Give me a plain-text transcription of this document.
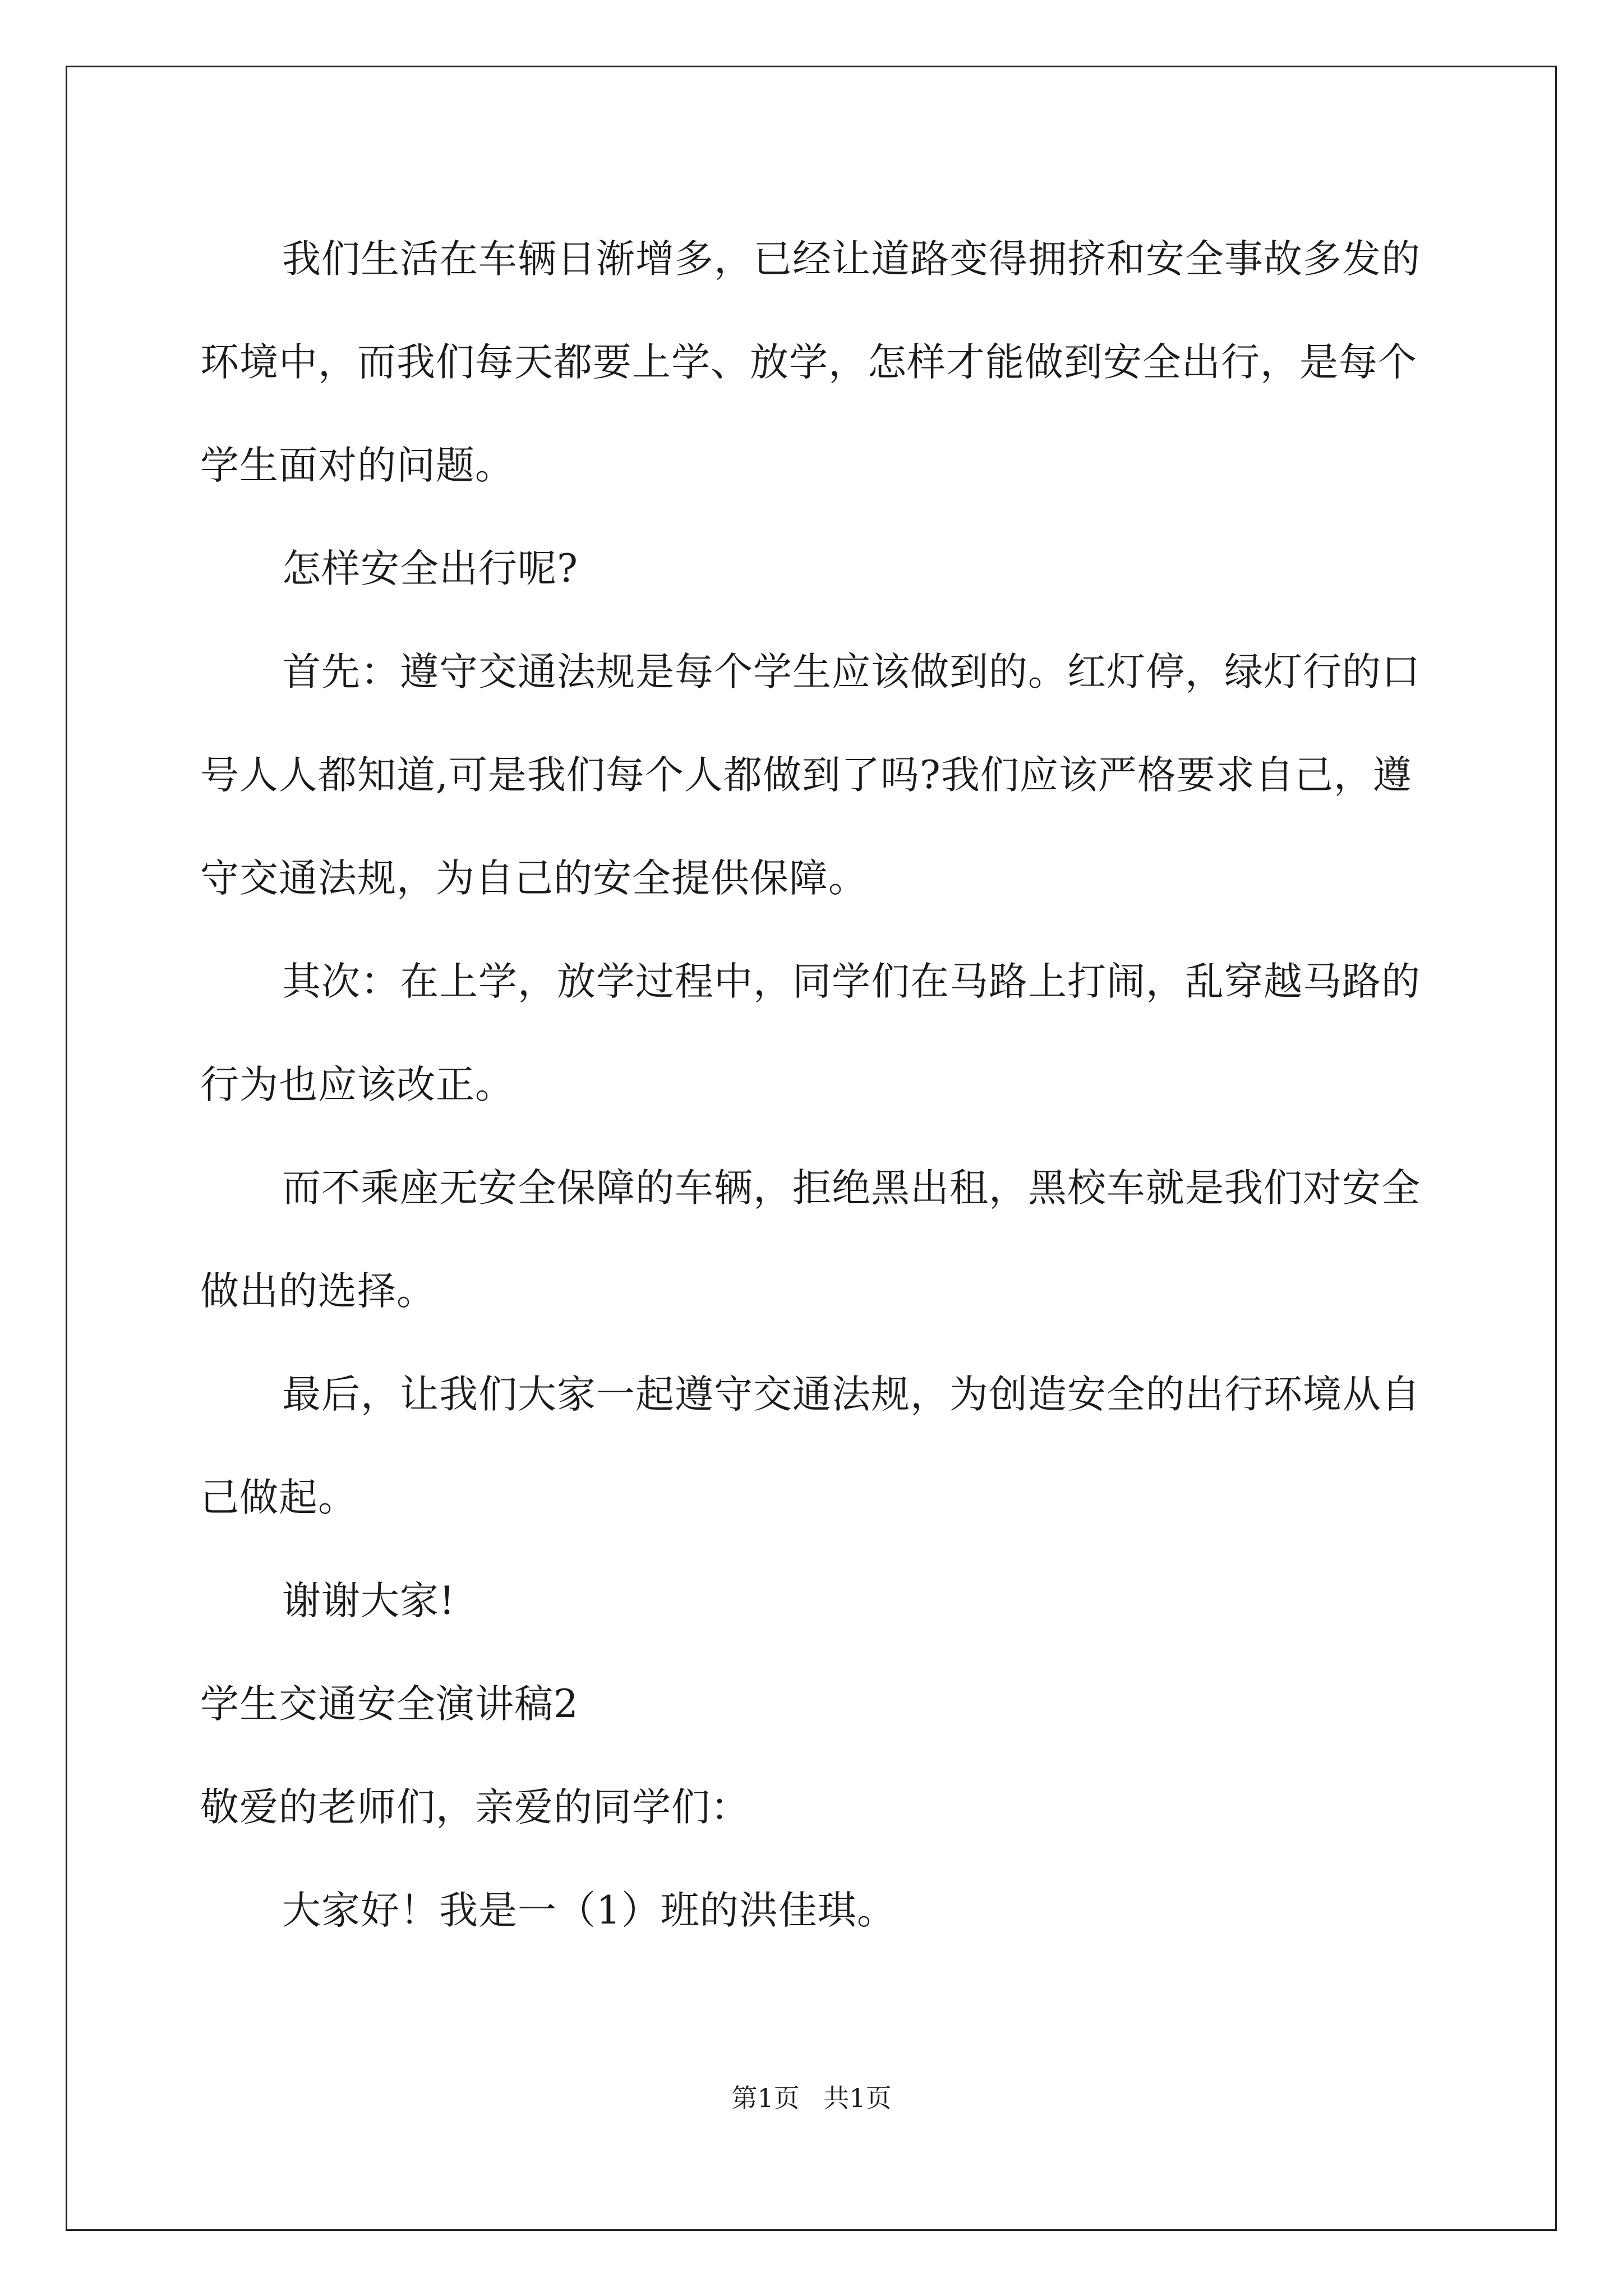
我们生活在车辆日渐增多，已经让道路变得拥挤和安全事故多发的环境中，而我们每天都要上学、放学，怎样才能做到安全出行，是每个学生面对的问题。

怎样安全出行呢?

首先：遵守交通法规是每个学生应该做到的。红灯停，绿灯行的口号人人都知道,可是我们每个人都做到了吗?我们应该严格要求自己，遵守交通法规，为自己的安全提供保障。

其次：在上学，放学过程中，同学们在马路上打闹，乱穿越马路的行为也应该改正。

而不乘座无安全保障的车辆，拒绝黑出租，黑校车就是我们对安全做出的选择。

最后，让我们大家一起遵守交通法规，为创造安全的出行环境从自己做起。

谢谢大家!

学生交通安全演讲稿2

敬爱的老师们，亲爱的同学们：

大家好！我是一（1）班的洪佳琪。

第1页 共1页
